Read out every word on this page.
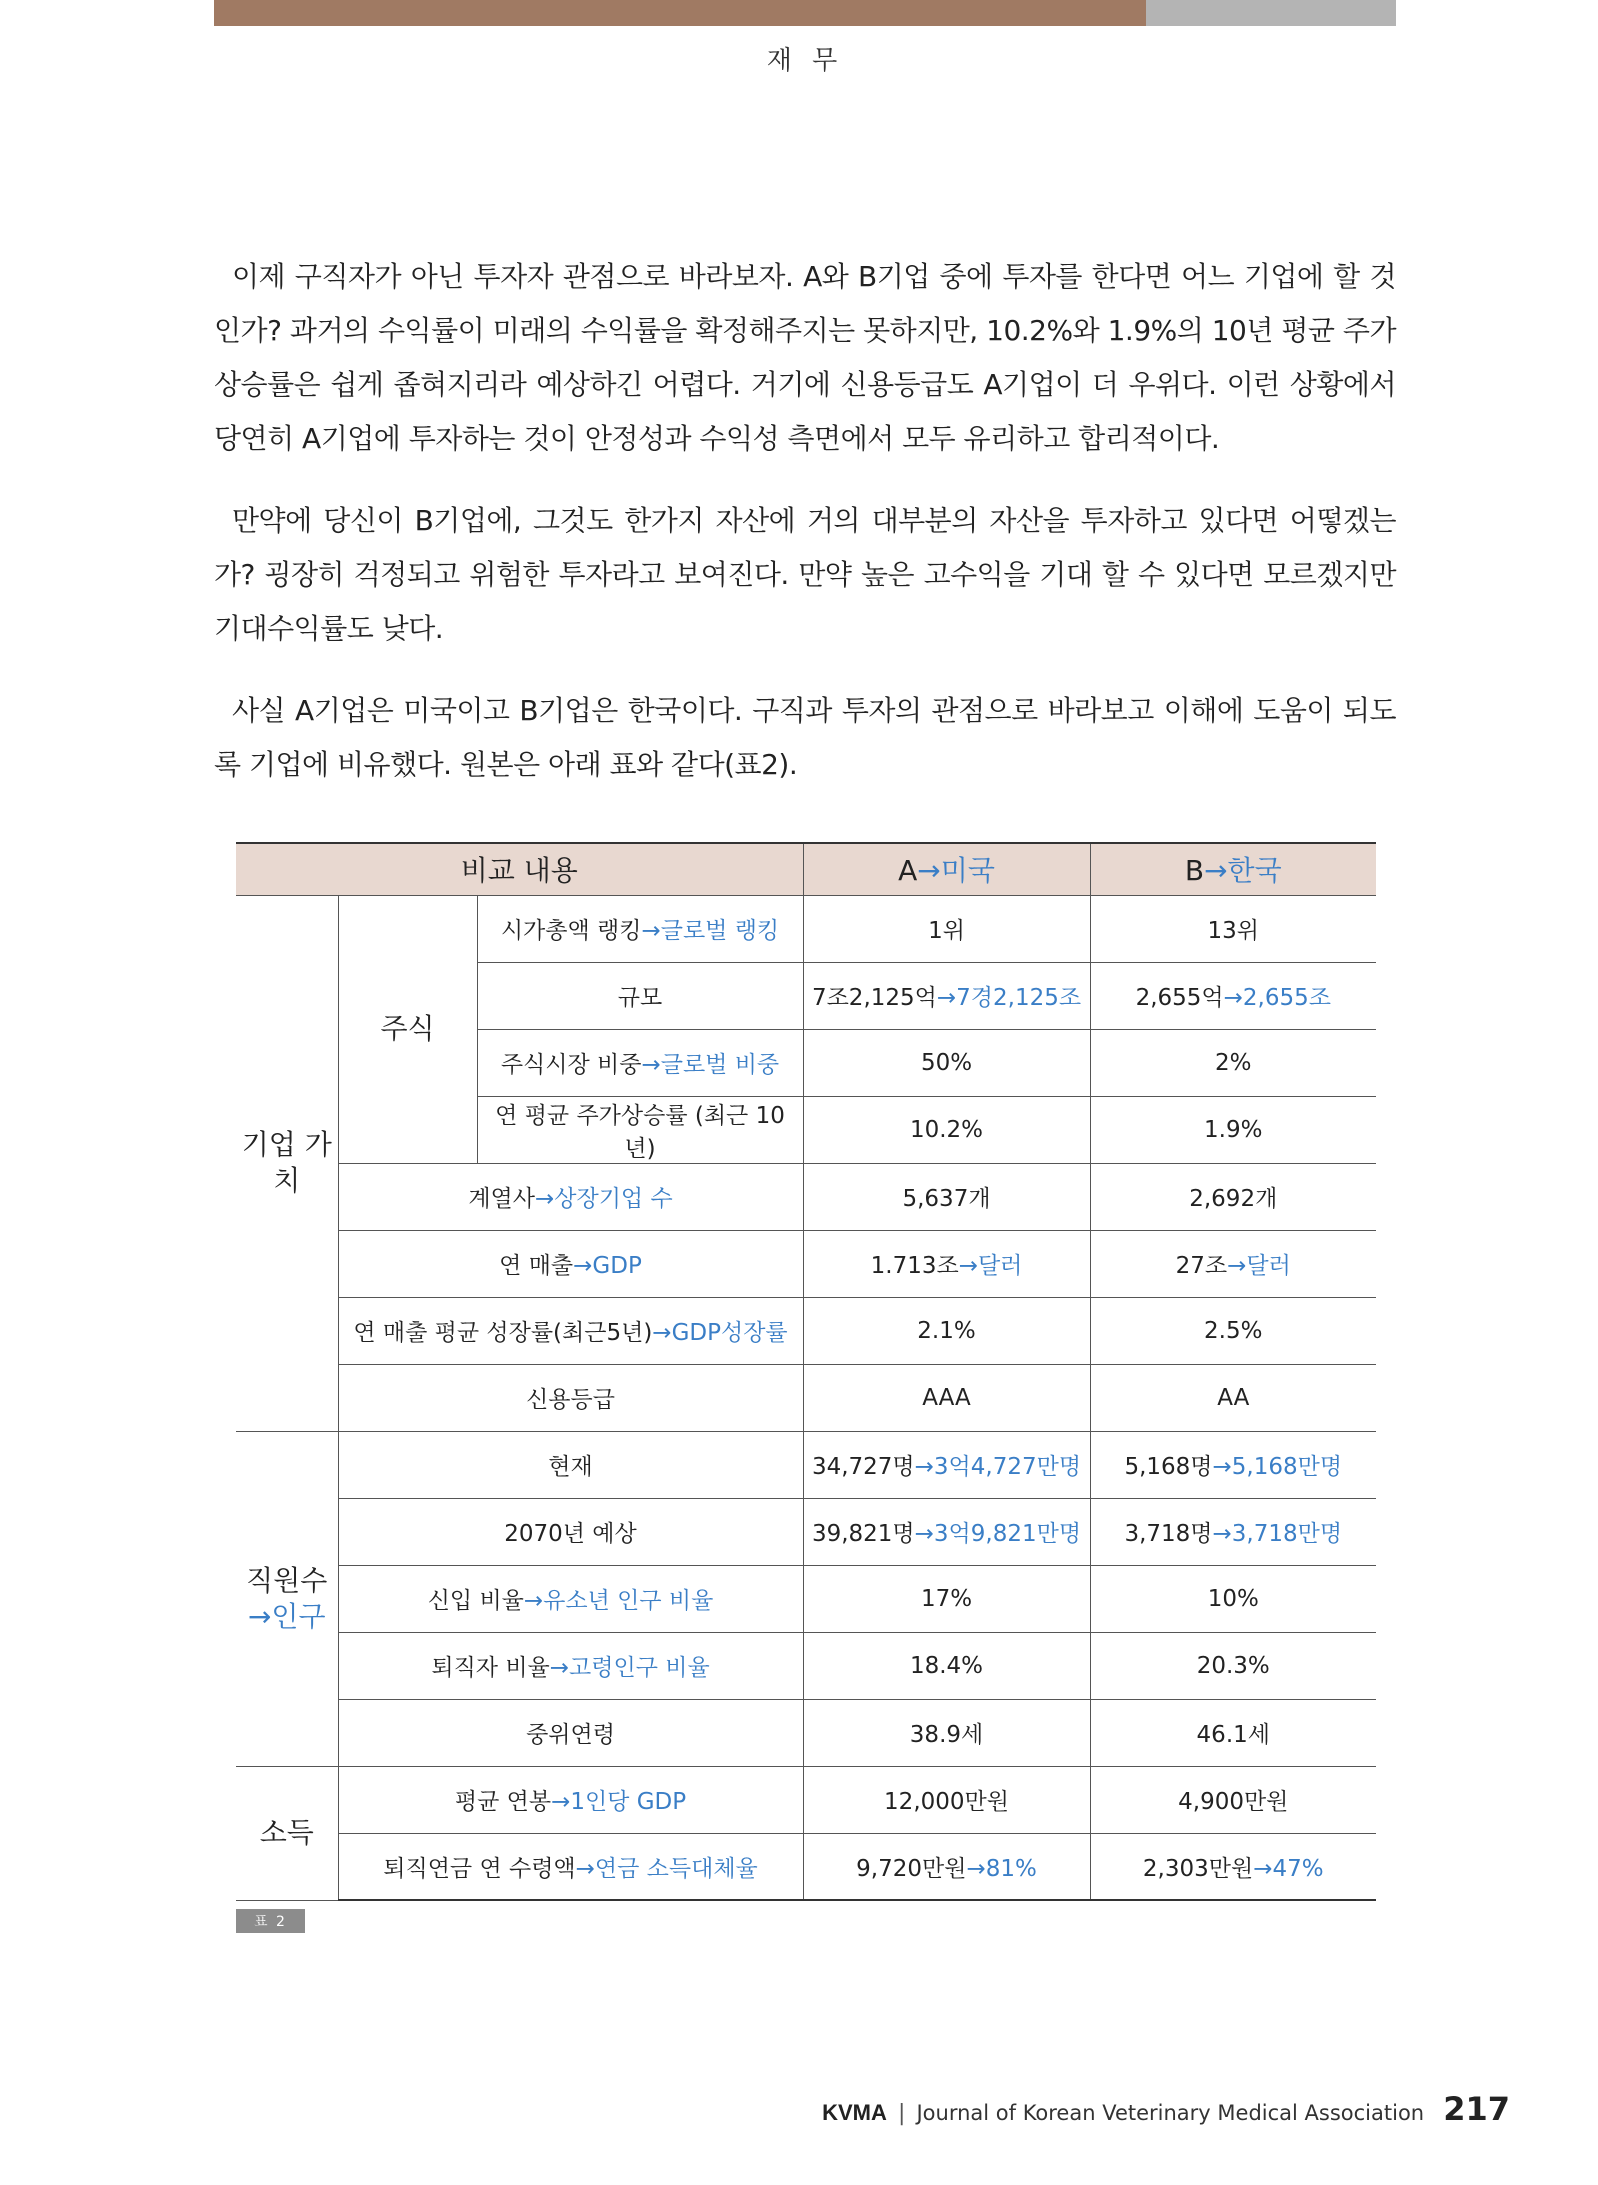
재 무

이제 구직자가 아닌 투자자 관점으로 바라보자. A와 B기업 중에 투자를 한다면 어느 기업에 할 것인가? 과거의 수익률이 미래의 수익률을 확정해주지는 못하지만, 10.2%와 1.9%의 10년 평균 주가 상승률은 쉽게 좁혀지리라 예상하긴 어렵다. 거기에 신용등급도 A기업이 더 우위다. 이런 상황에서 당연히 A기업에 투자하는 것이 안정성과 수익성 측면에서 모두 유리하고 합리적이다.

만약에 당신이 B기업에, 그것도 한가지 자산에 거의 대부분의 자산을 투자하고 있다면 어떻겠는가? 굉장히 걱정되고 위험한 투자라고 보여진다. 만약 높은 고수익을 기대 할 수 있다면 모르겠지만 기대수익률도 낮다.

사실 A기업은 미국이고 B기업은 한국이다. 구직과 투자의 관점으로 바라보고 이해에 도움이 되도록 기업에 비유했다. 원본은 아래 표와 같다(표2).

비교 내용			A→미국	B→한국
기업 가치	주식	시가총액 랭킹→글로벌 랭킹	1위	13위
		규모	7조2,125억→7경2,125조	2,655억→2,655조
		주식시장 비중→글로벌 비중	50%	2%
		연 평균 주가상승률 (최근 10년)	10.2%	1.9%
	계열사→상장기업 수		5,637개	2,692개
	연 매출→GDP		1.713조→달러	27조→달러
	연 매출 평균 성장률(최근5년)→GDP성장률		2.1%	2.5%
	신용등급		AAA	AA
직원수
→인구	현재		34,727명→3억4,727만명	5,168명→5,168만명
	2070년 예상		39,821명→3억9,821만명	3,718명→3,718만명
	신입 비율→유소년 인구 비율		17%	10%
	퇴직자 비율→고령인구 비율		18.4%	20.3%
	중위연령		38.9세	46.1세
소득	평균 연봉→1인당 GDP		12,000만원	4,900만원
	퇴직연금 연 수령액→연금 소득대체율		9,720만원→81%	2,303만원→47%
표 2
KVMA | Journal of Korean Veterinary Medical Association 217
